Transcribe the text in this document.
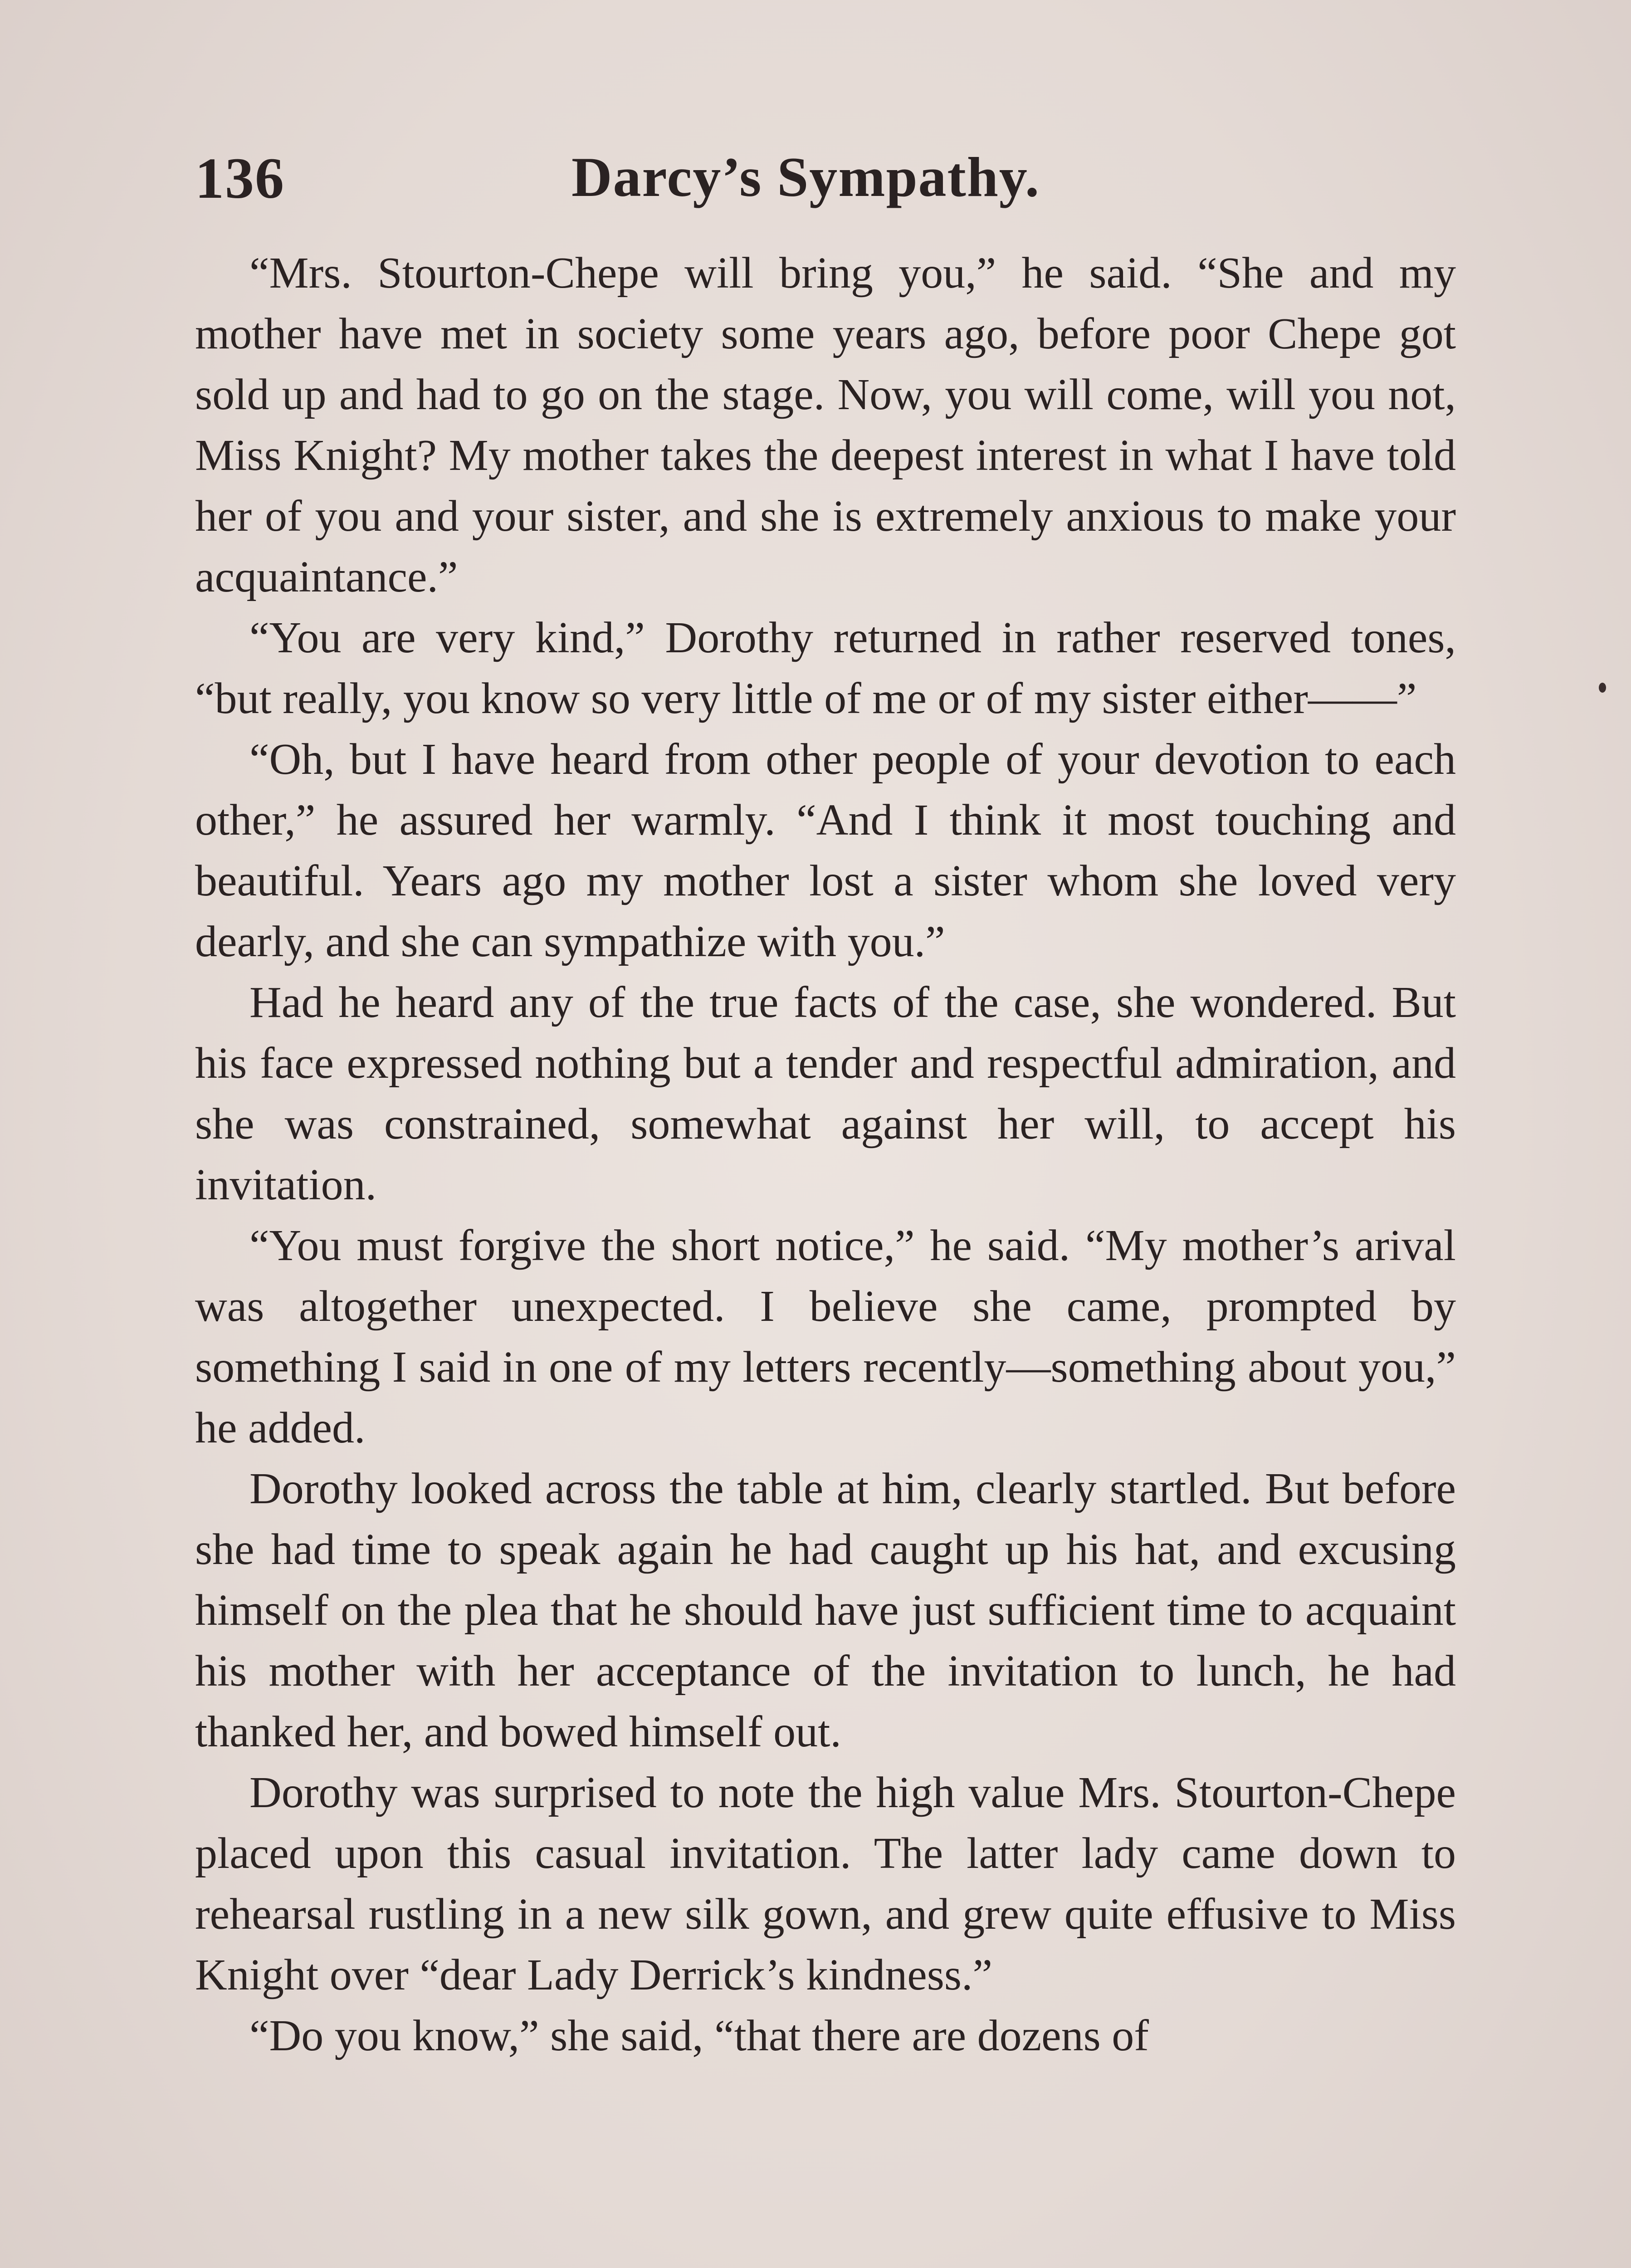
136	Darcy’s Sympathy.

“Mrs. Stourton-Chepe will bring you,” he said. “She and my mother have met in society some years ago, before poor Chepe got sold up and had to go on the stage. Now, you will come, will you not, Miss Knight? My mother takes the deepest interest in what I have told her of you and your sister, and she is extremely anxious to make your acquaintance.”

“You are very kind,” Dorothy returned in rather reserved tones, “but really, you know so very little of me or of my sister either——”

“Oh, but I have heard from other people of your devotion to each other,” he assured her warmly. “And I think it most touching and beautiful. Years ago my mother lost a sister whom she loved very dearly, and she can sympathize with you.”

Had he heard any of the true facts of the case, she wondered. But his face expressed nothing but a tender and respectful admiration, and she was constrained, somewhat against her will, to accept his invitation.

“You must forgive the short notice,” he said. “My mother’s arival was altogether unexpected. I believe she came, prompted by something I said in one of my letters recently—something about you,” he added.

Dorothy looked across the table at him, clearly startled. But before she had time to speak again he had caught up his hat, and excusing himself on the plea that he should have just sufficient time to acquaint his mother with her acceptance of the invitation to lunch, he had thanked her, and bowed himself out.

Dorothy was surprised to note the high value Mrs. Stourton-Chepe placed upon this casual invitation. The latter lady came down to rehearsal rustling in a new silk gown, and grew quite effusive to Miss Knight over “dear Lady Derrick’s kindness.”

“Do you know,” she said, “that there are dozens of
